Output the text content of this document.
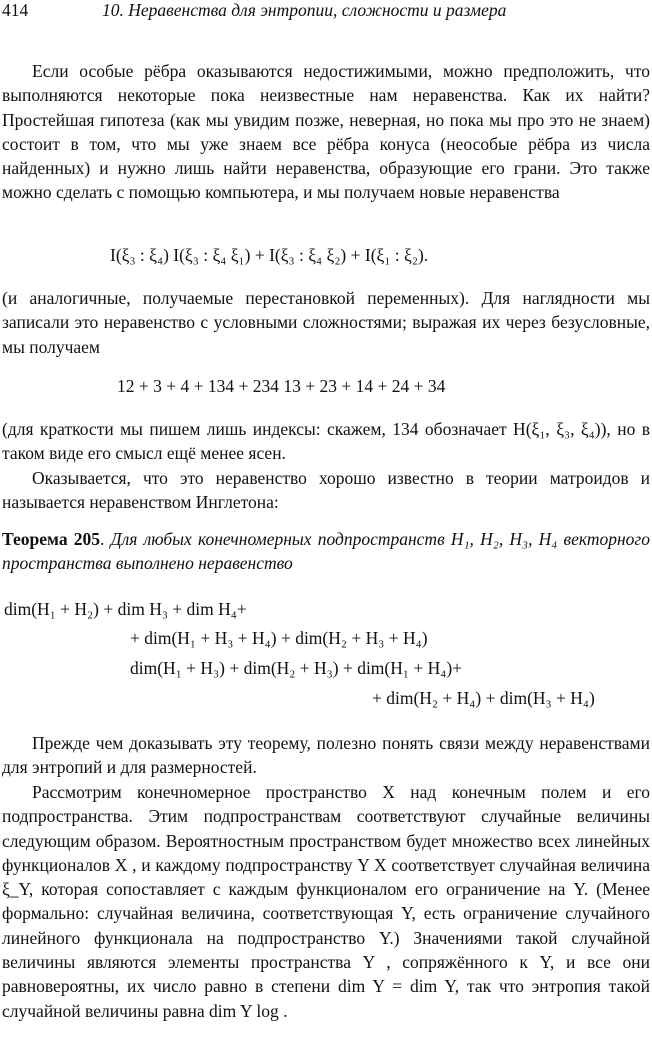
414	10. Неравенства для энтропии, сложности и размера

Если особые рёбра оказываются недостижимыми, можно предположить, что выполняются некоторые пока неизвестные нам неравенства. Как их найти? Простейшая гипотеза (как мы увидим позже, неверная, но пока мы про это не знаем) состоит в том, что мы уже знаем все рёбра конуса (неособые рёбра из числа найденных) и нужно лишь найти неравенства, образующие его грани. Это также можно сделать с помощью компьютера, и мы получаем новые неравенства

I(ξ₃ : ξ₄) I(ξ₃ : ξ₄ ξ₁) + I(ξ₃ : ξ₄ ξ₂) + I(ξ₁ : ξ₂).

(и аналогичные, получаемые перестановкой переменных). Для наглядности мы записали это неравенство с условными сложностями; выражая их через безусловные, мы получаем

12 + 3 + 4 + 134 + 234 13 + 23 + 14 + 24 + 34

(для краткости мы пишем лишь индексы: скажем, 134 обозначает H(ξ₁, ξ₃, ξ₄)), но в таком виде его смысл ещё менее ясен.

Оказывается, что это неравенство хорошо известно в теории матроидов и называется неравенством Инглетона:

Теорема 205. Для любых конечномерных подпространств H₁, H₂, H₃, H₄ векторного пространства выполнено неравенство

dim(H₁ + H₂) + dim H₃ + dim H₄+
+ dim(H₁ + H₃ + H₄) + dim(H₂ + H₃ + H₄)
dim(H₁ + H₃) + dim(H₂ + H₃) + dim(H₁ + H₄)+
+ dim(H₂ + H₄) + dim(H₃ + H₄)

Прежде чем доказывать эту теорему, полезно понять связи между неравенствами для энтропий и для размерностей.

Рассмотрим конечномерное пространство X над конечным полем и его подпространства. Этим подпространствам соответствуют случайные величины следующим образом. Вероятностным пространством будет множество всех линейных функционалов X , и каждому подпространству Y X соответствует случайная величина ξ_Y, которая сопоставляет с каждым функционалом его ограничение на Y. (Менее формально: случайная величина, соответствующая Y, есть ограничение случайного линейного функционала на подпространство Y.) Значениями такой случайной величины являются элементы пространства Y , сопряжённого к Y, и все они равновероятны, их число равно в степени dim Y = dim Y, так что энтропия такой случайной величины равна dim Y log .
